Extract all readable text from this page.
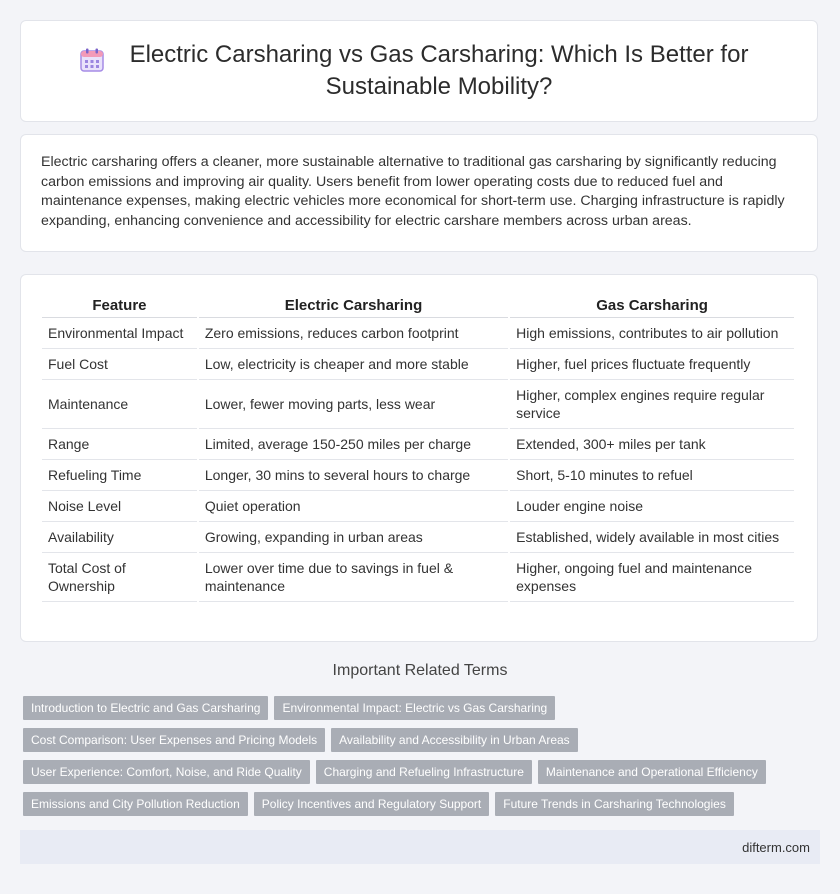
Electric Carsharing vs Gas Carsharing: Which Is Better for Sustainable Mobility?

Electric carsharing offers a cleaner, more sustainable alternative to traditional gas carsharing by significantly reducing carbon emissions and improving air quality. Users benefit from lower operating costs due to reduced fuel and maintenance expenses, making electric vehicles more economical for short-term use. Charging infrastructure is rapidly expanding, enhancing convenience and accessibility for electric carshare members across urban areas.

Feature	Electric Carsharing	Gas Carsharing
Environmental Impact	Zero emissions, reduces carbon footprint	High emissions, contributes to air pollution
Fuel Cost	Low, electricity is cheaper and more stable	Higher, fuel prices fluctuate frequently
Maintenance	Lower, fewer moving parts, less wear	Higher, complex engines require regular service
Range	Limited, average 150-250 miles per charge	Extended, 300+ miles per tank
Refueling Time	Longer, 30 mins to several hours to charge	Short, 5-10 minutes to refuel
Noise Level	Quiet operation	Louder engine noise
Availability	Growing, expanding in urban areas	Established, widely available in most cities
Total Cost of Ownership	Lower over time due to savings in fuel & maintenance	Higher, ongoing fuel and maintenance expenses
Important Related Terms
Introduction to Electric and Gas Carsharing	Environmental Impact: Electric vs Gas Carsharing
Cost Comparison: User Expenses and Pricing Models	Availability and Accessibility in Urban Areas
User Experience: Comfort, Noise, and Ride Quality	Charging and Refueling Infrastructure	Maintenance and Operational Efficiency
Emissions and City Pollution Reduction	Policy Incentives and Regulatory Support	Future Trends in Carsharing Technologies
difterm.com
